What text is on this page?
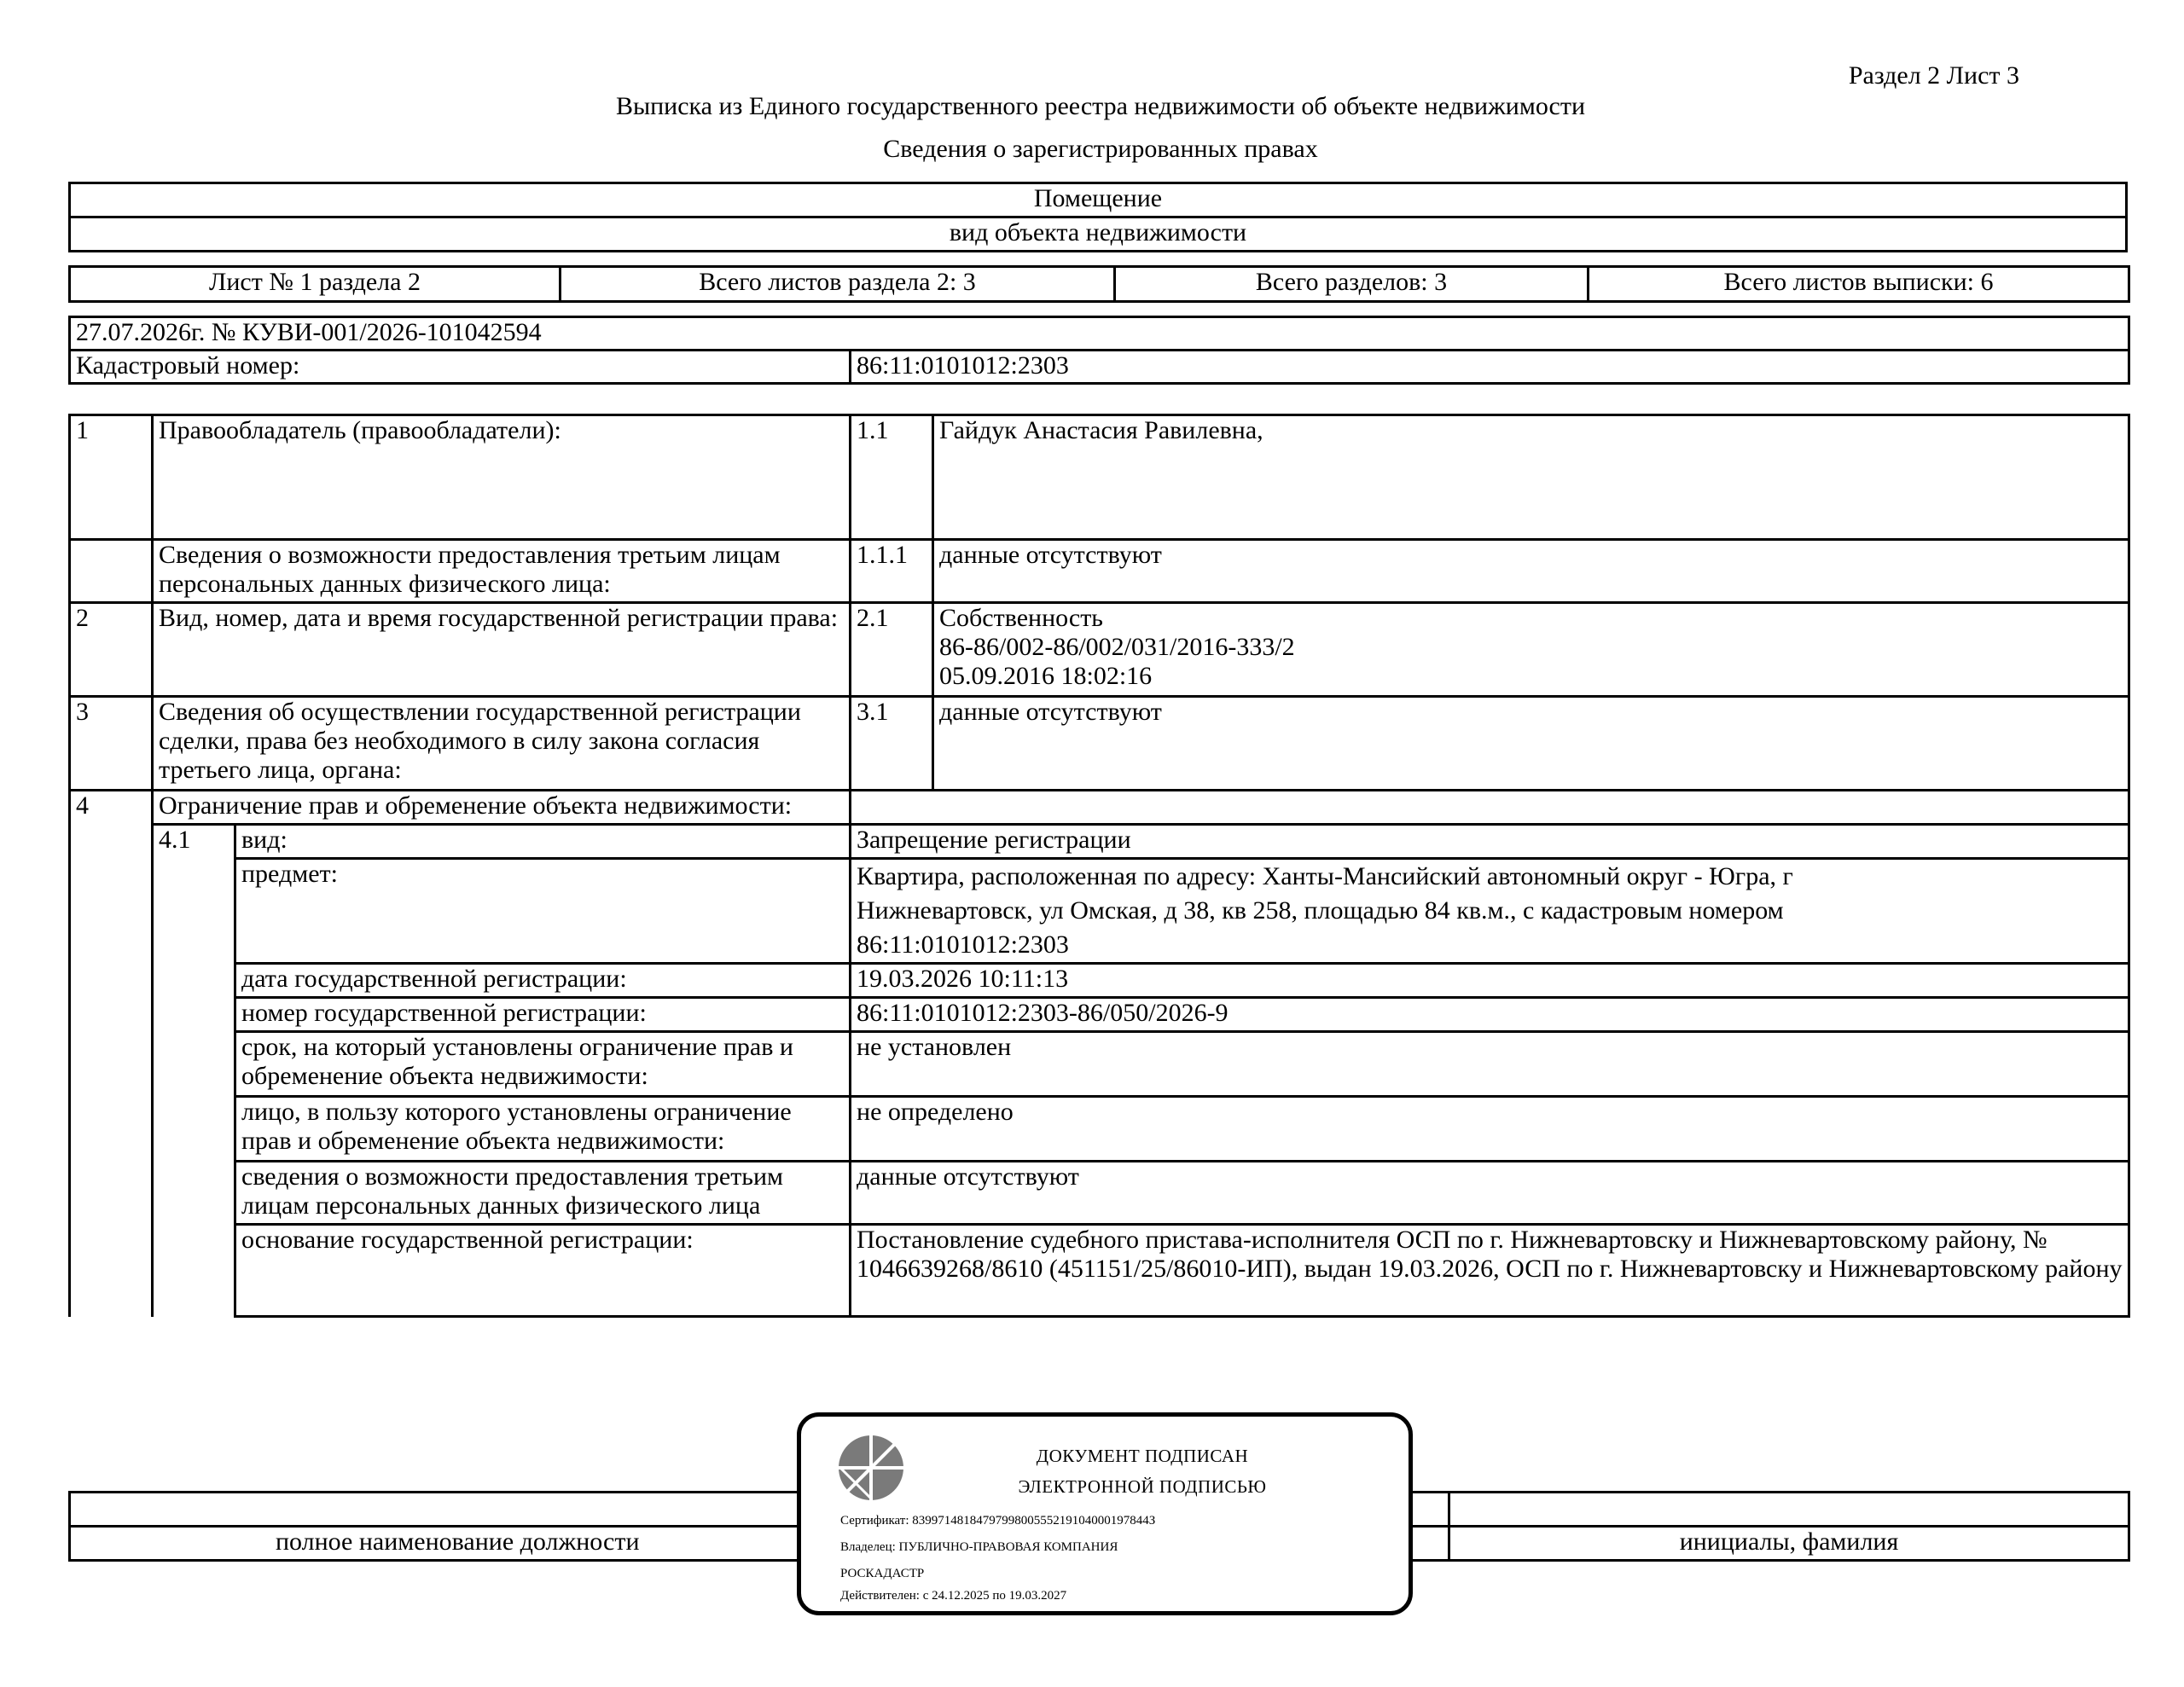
Раздел 2 Лист 3
Выписка из Единого государственного реестра недвижимости об объекте недвижимости
Сведения о зарегистрированных правах
Помещение
вид объекта недвижимости
Лист № 1 раздела 2	Всего листов раздела 2: 3	Всего разделов: 3	Всего листов выписки: 6
27.07.2026г. № КУВИ-001/2026-101042594
Кадастровый номер:	86:11:0101012:2303
1	Правообладатель (правообладатели):		1.1	Гайдук Анастасия Равилевна,
	Сведения о возможности предоставления третьим лицам персональных данных физического лица:		1.1.1	данные отсутствуют
2	Вид, номер, дата и время государственной регистрации права:		2.1	Собственность
86-86/002-86/002/031/2016-333/2
05.09.2016 18:02:16

3	Сведения об осуществлении государственной регистрации сделки, права без необходимого в силу закона согласия третьего лица, органа:		3.1	данные отсутствуют
4	Ограничение прав и обременение объекта недвижимости:			
	4.1	вид:	Запрещение регистрации	
		предмет:	Квартира, расположенная по адресу: Ханты-Мансийский автономный округ - Югра, г
Нижневартовск, ул Омская, д 38, кв 258, площадью 84 кв.м., с кадастровым номером
86:11:0101012:2303	

		дата государственной регистрации:	19.03.2026 10:11:13	
		номер государственной регистрации:	86:11:0101012:2303-86/050/2026-9	
		срок, на который установлены ограничение прав и обременение объекта недвижимости:	не установлен	
		лицо, в пользу которого установлены ограничение прав и обременение объекта недвижимости:	не определено	
		сведения о возможности предоставления третьим лицам персональных данных физического лица	данные отсутствуют	
		основание государственной регистрации:	Постановление судебного пристава-исполнителя ОСП по г. Нижневартовску и Нижневартовскому району, № 1046639268/8610 (451151/25/86010-ИП), выдан 19.03.2026, ОСП по г. Нижневартовску и Нижневартовскому району	

полное наименование должности	инициалы, фамилия
ДОКУМЕНТ ПОДПИСАН
ЭЛЕКТРОННОЙ ПОДПИСЬЮ
Сертификат: 8399714818479799800555219104000197844З
Владелец: ПУБЛИЧНО-ПРАВОВАЯ КОМПАНИЯ
РОСКАДАСТР
Действителен: с 24.12.2025 по 19.03.2027
